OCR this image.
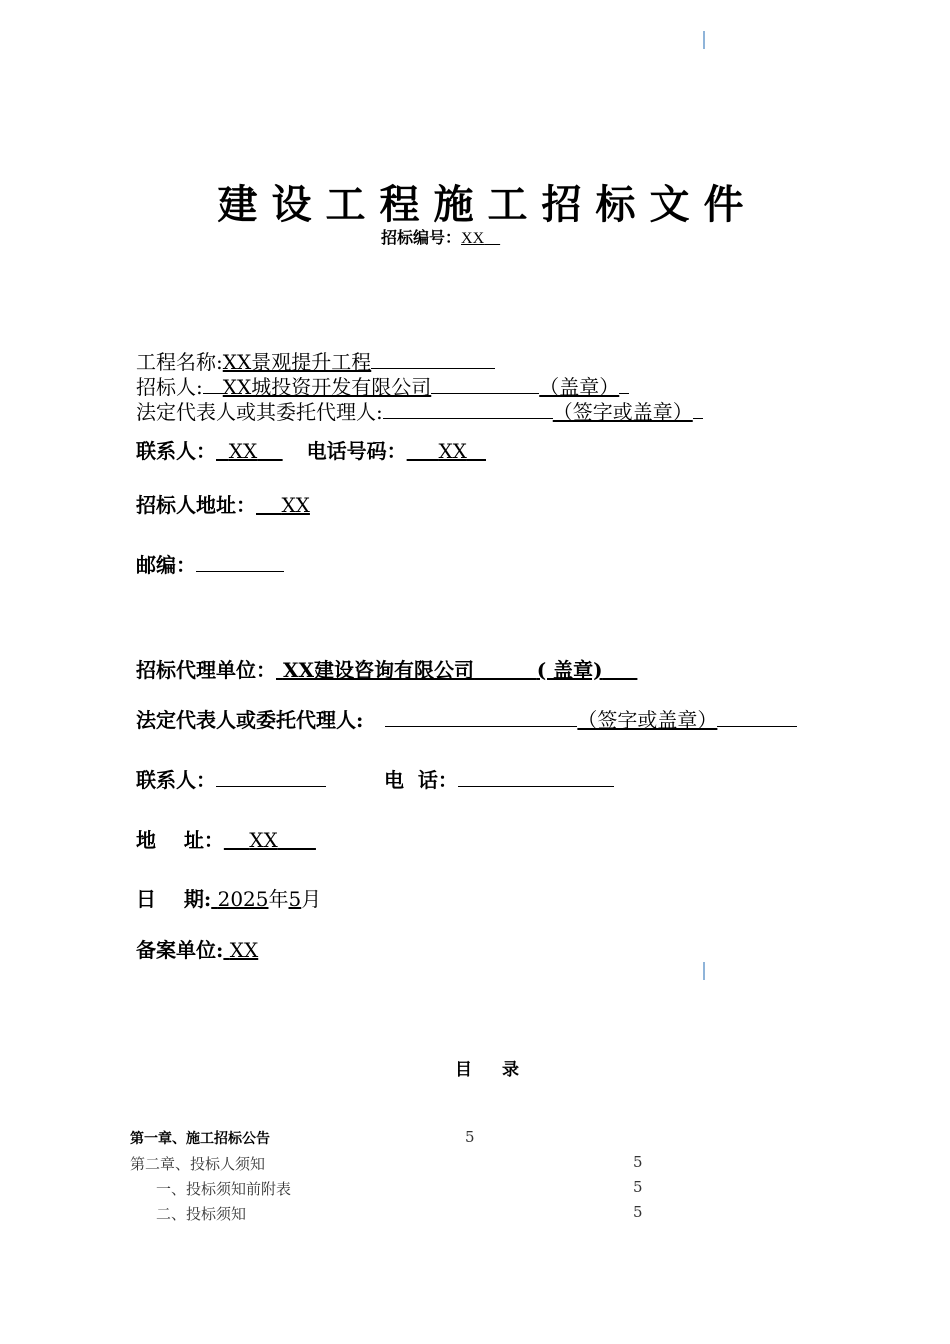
建设工程施工招标文件
招标编号：XX
工程名称:XX景观提升工程
招标人: XX城投资开发有限公司	（盖章）
法定代表人或其委托代理人:	（签字或盖章）
联系人： XX 电话号码： XX
招标人地址： XX
邮编：
招标代理单位： XX建设咨询有限公司	( 盖章)
法定代表人或委托代理人:	（签字或盖章）
联系人：	电  话：
地    址： XX
日    期: 2025年5月
备案单位: XX
目录
第一章、施工招标公告	5
第二章、投标人须知	5
一、投标须知前附表	5
二、投标须知	5
